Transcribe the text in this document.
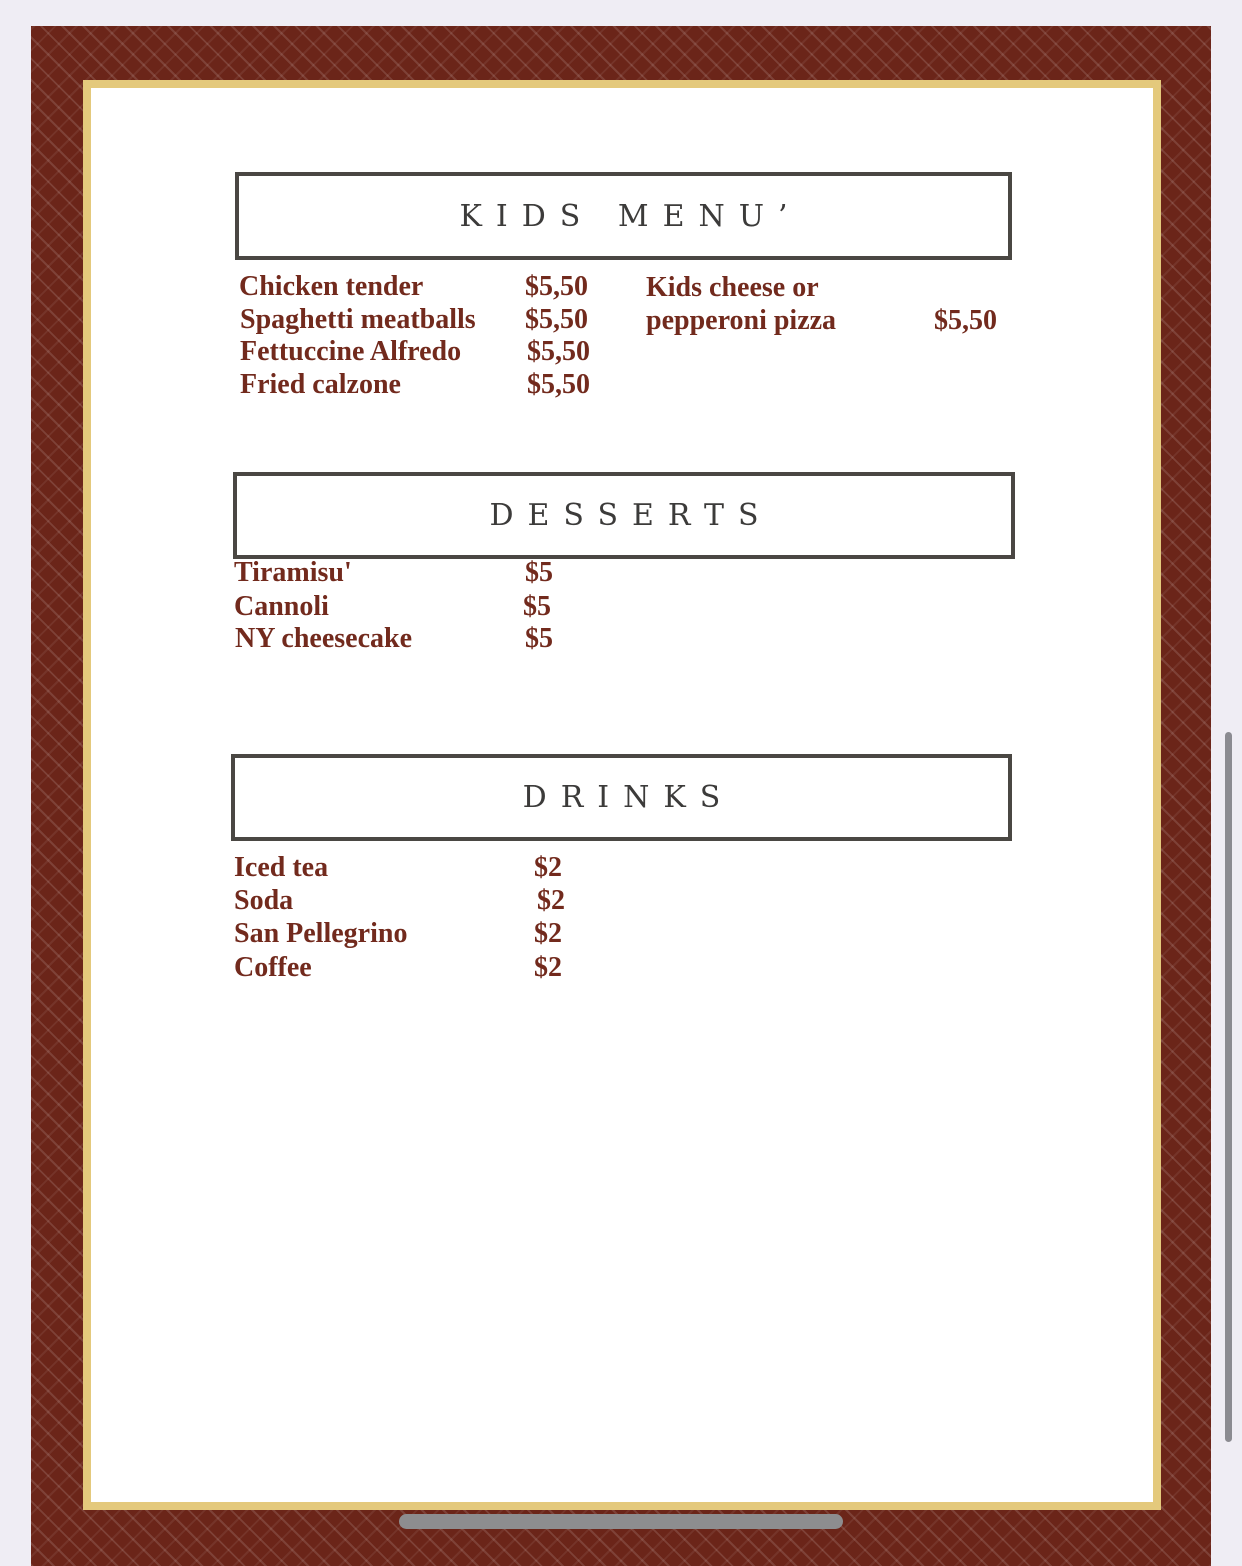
KIDS MENU’
Chicken tender	$5,50
Spaghetti meatballs $5,50
Fettuccine Alfredo $5,50
Fried calzone	$5,50
Kids cheese or
pepperoni pizza	$5,50
DESSERTS
Tiramisu'	$5
Cannoli	$5
NY cheesecake	$5
DRINKS
Iced tea	$2
Soda	$2
San Pellegrino	$2
Coffee	$2
